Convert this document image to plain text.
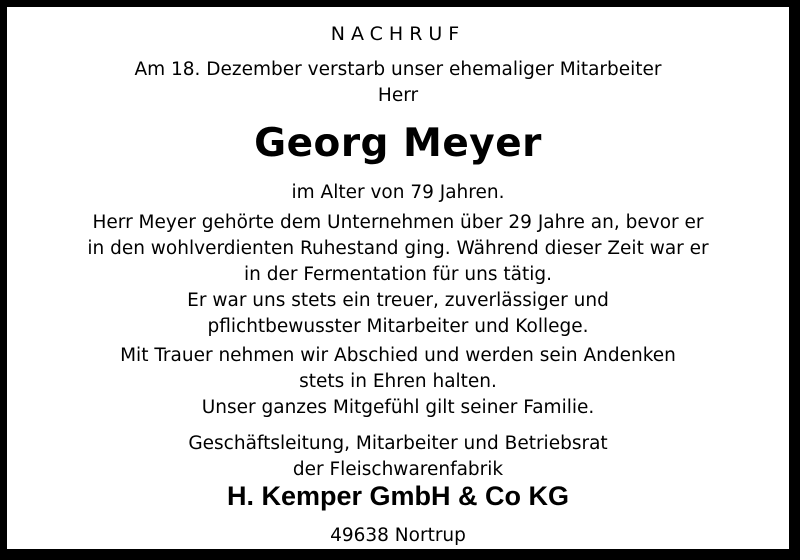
NACHRUF
Am 18. Dezember verstarb unser ehemaliger Mitarbeiter
Herr
Georg Meyer
im Alter von 79 Jahren.
Herr Meyer gehörte dem Unternehmen über 29 Jahre an, bevor er
in den wohlverdienten Ruhestand ging. Während dieser Zeit war er
in der Fermentation für uns tätig.
Er war uns stets ein treuer, zuverlässiger und
pflichtbewusster Mitarbeiter und Kollege.
Mit Trauer nehmen wir Abschied und werden sein Andenken
stets in Ehren halten.
Unser ganzes Mitgefühl gilt seiner Familie.
Geschäftsleitung, Mitarbeiter und Betriebsrat
der Fleischwarenfabrik
H. Kemper GmbH & Co KG
49638 Nortrup
